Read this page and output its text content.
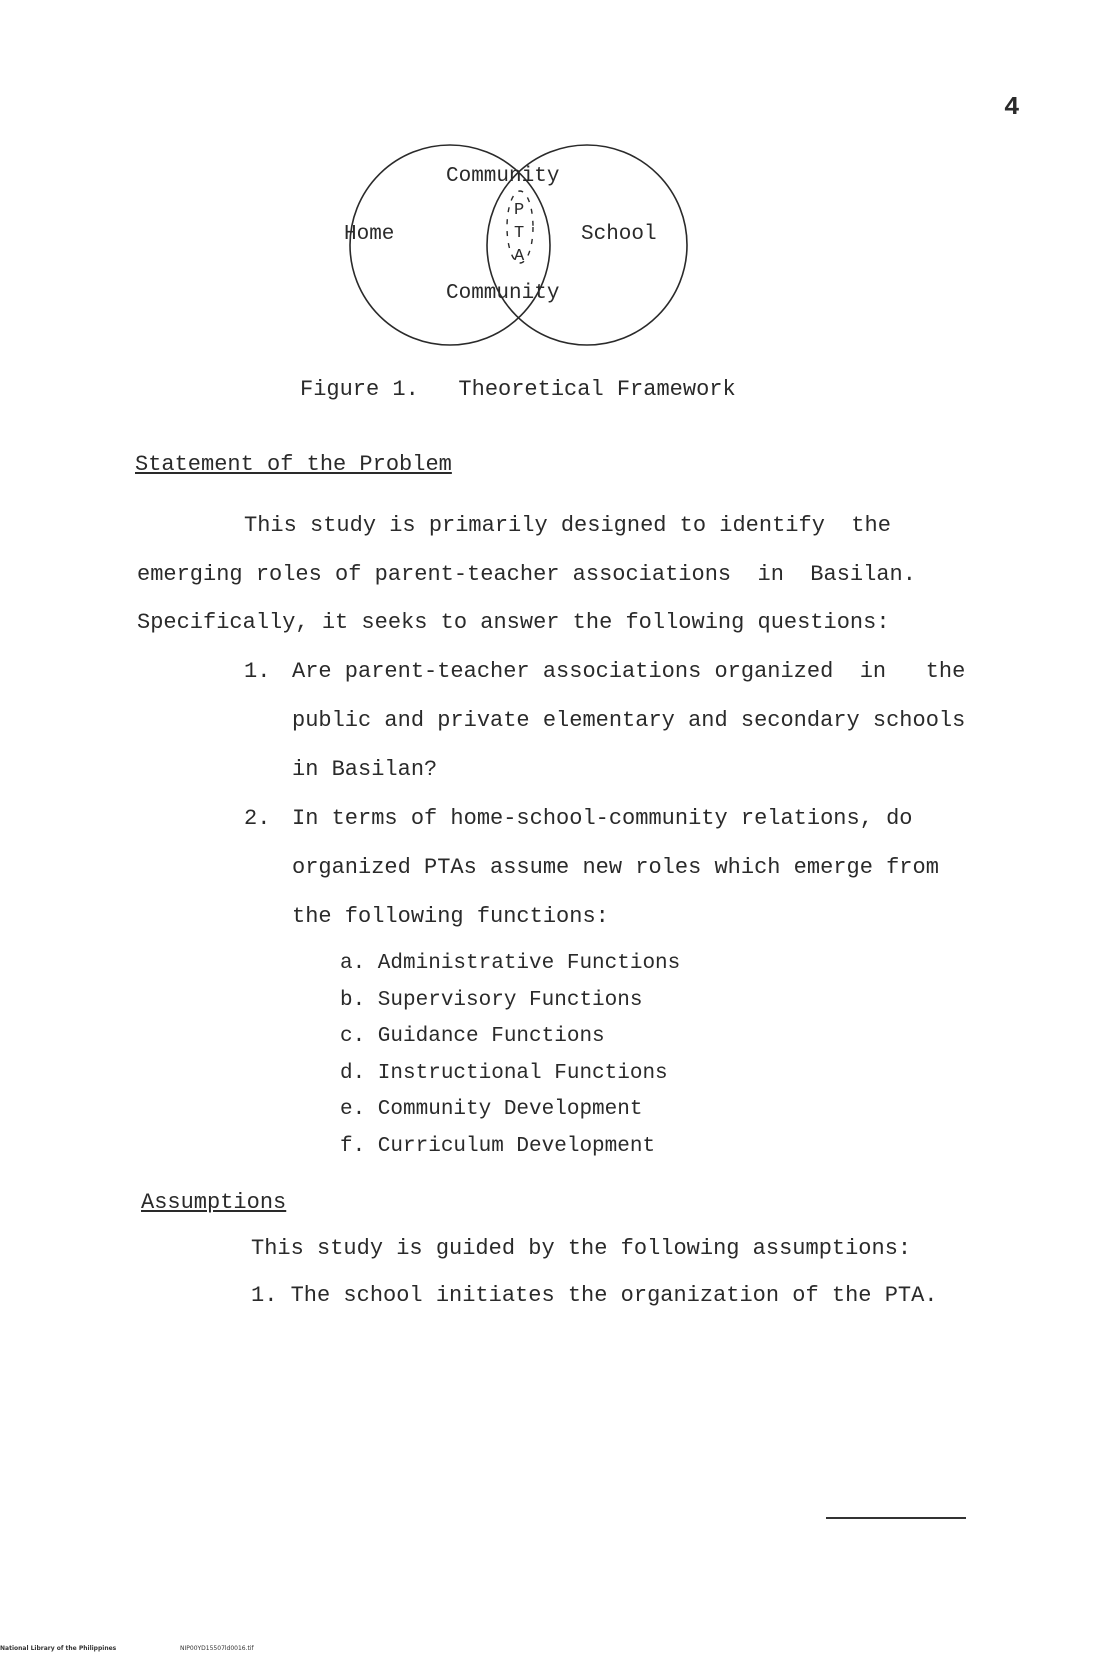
4
Community
Home	School
Community
P
T
A
Figure 1.   Theoretical Framework
Statement of the Problem
This study is primarily designed to identify  the
emerging roles of parent-teacher associations  in  Basilan.
Specifically, it seeks to answer the following questions:
1. Are parent-teacher associations organized  in   the
public and private elementary and secondary schools
in Basilan?
2. In terms of home-school-community relations, do
organized PTAs assume new roles which emerge from
the following functions:
a. Administrative Functions
b. Supervisory Functions
c. Guidance Functions
d. Instructional Functions
e. Community Development
f. Curriculum Development
Assumptions
This study is guided by the following assumptions:
1. The school initiates the organization of the PTA.
National Library of the Philippines	NIP00YD15507ld0016.tif
